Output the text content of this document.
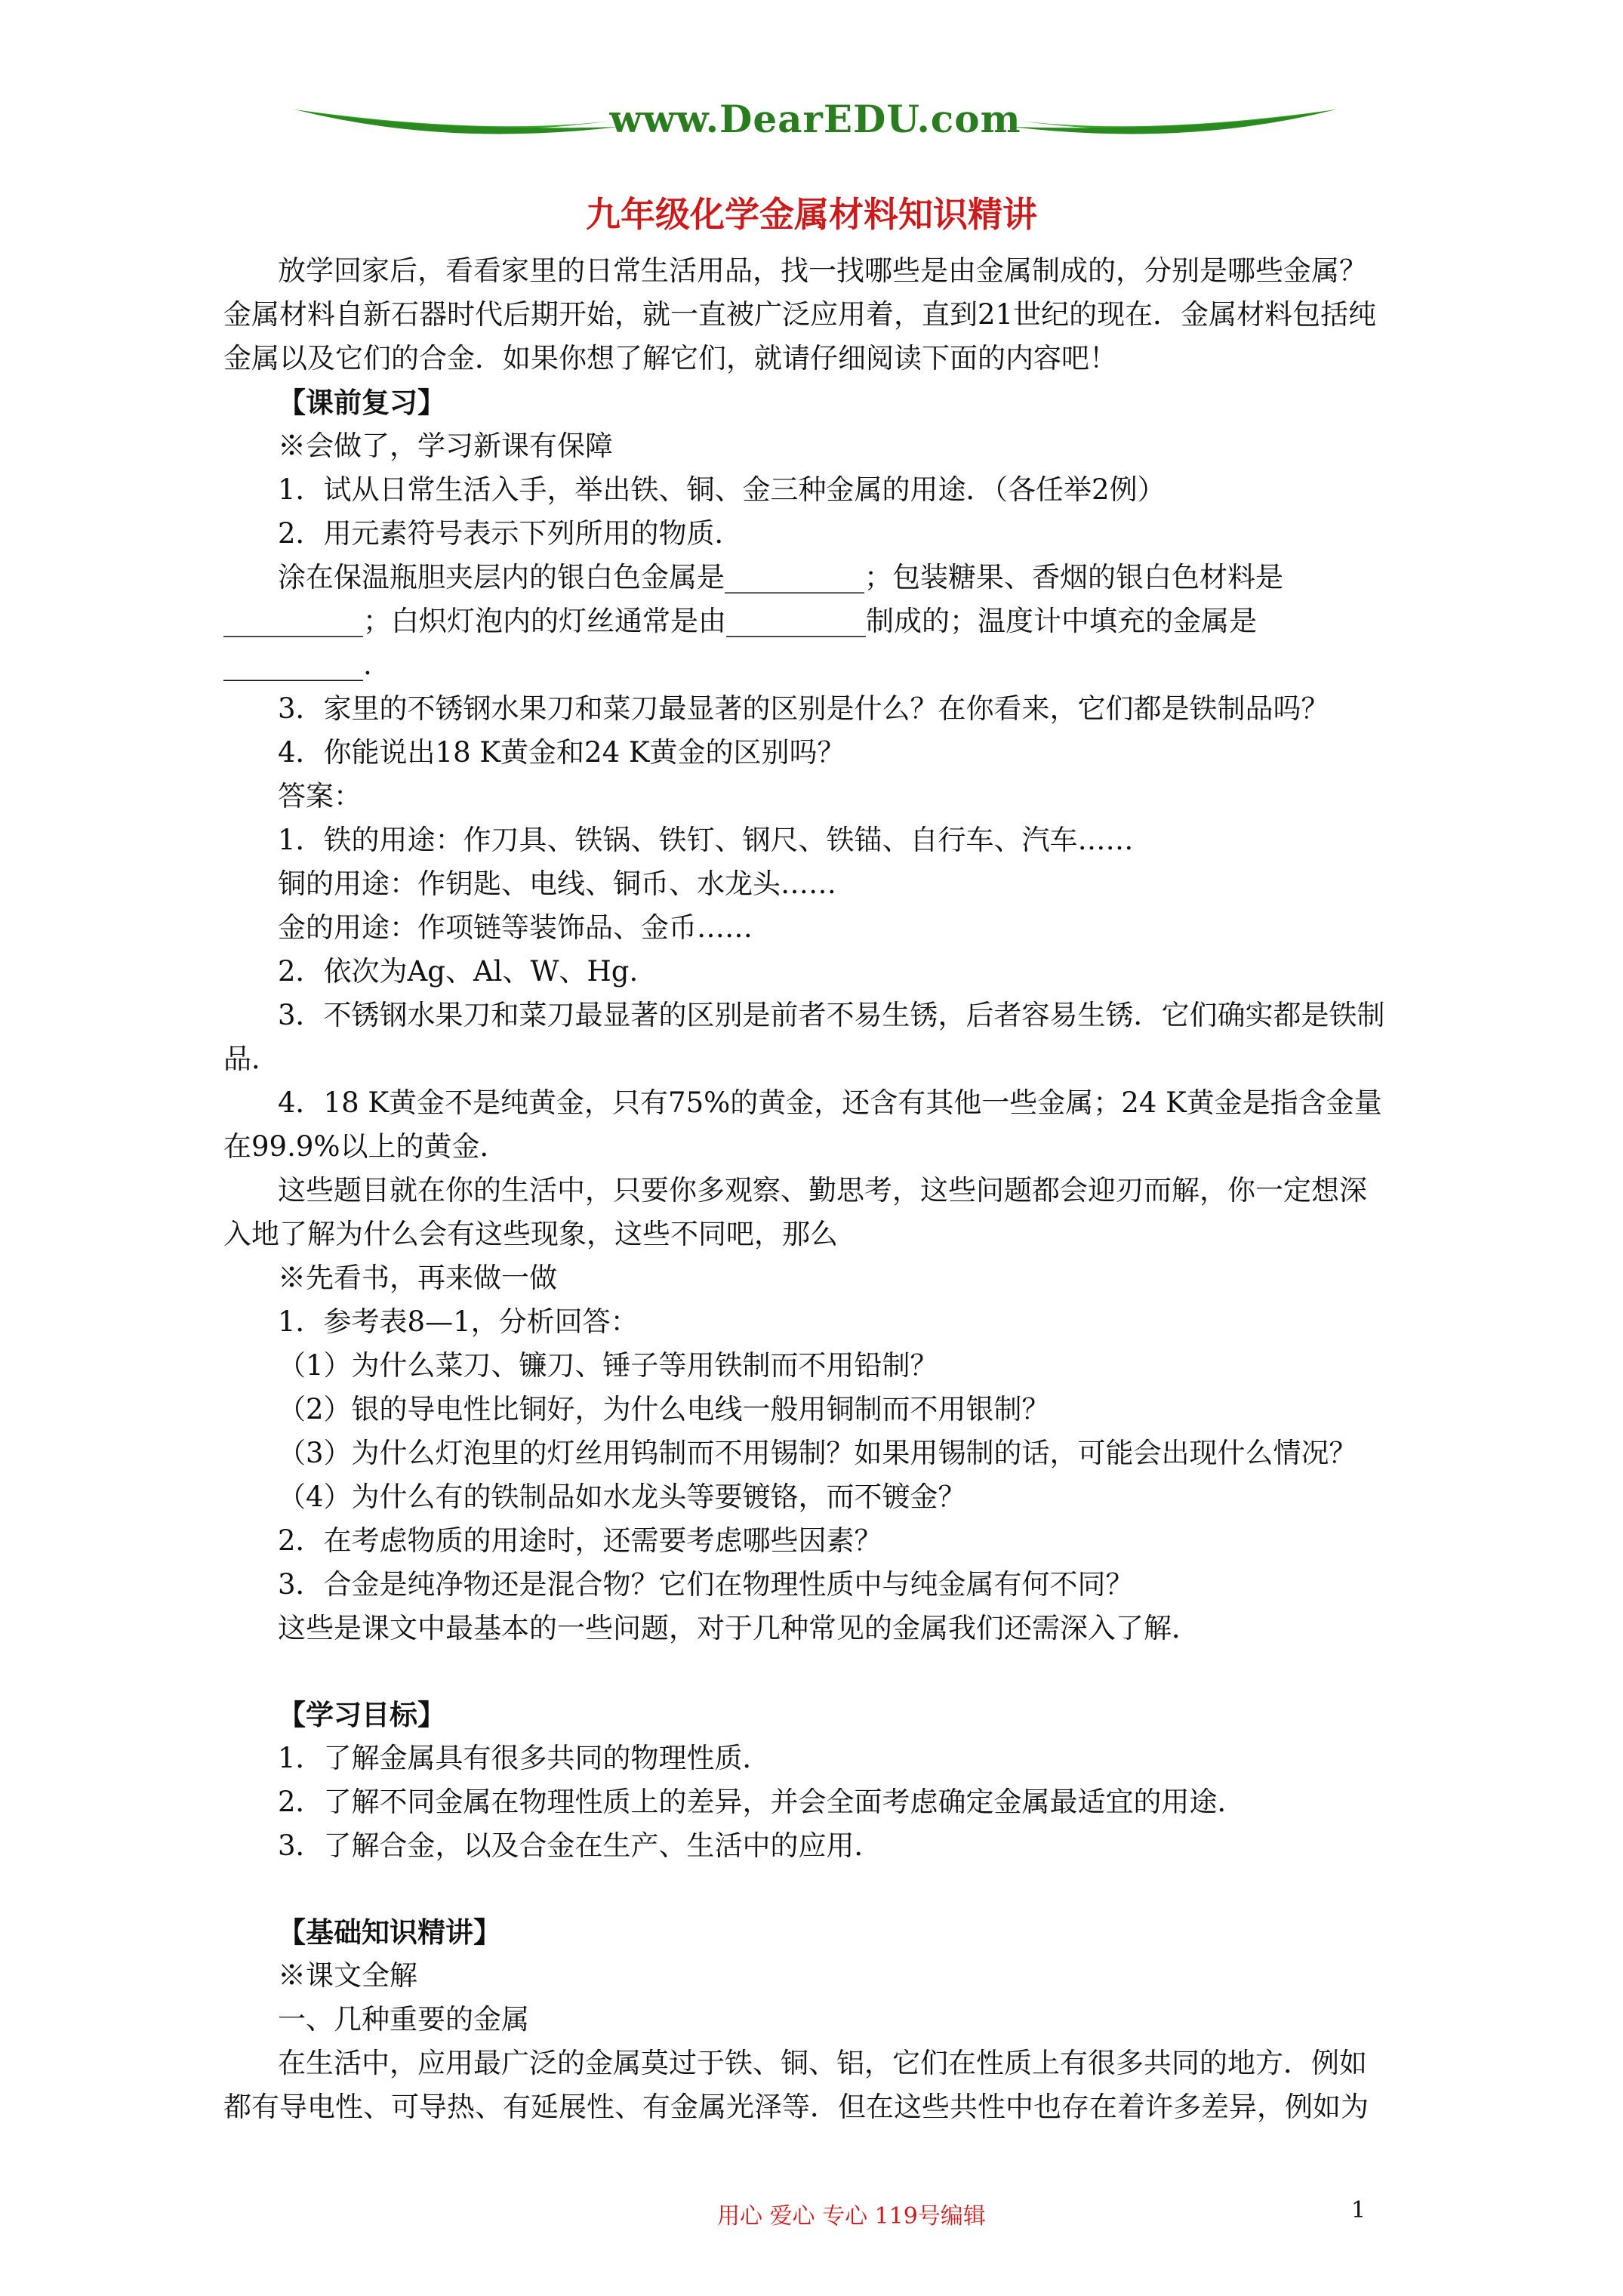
www.DearEDU.com
九年级化学金属材料知识精讲
放学回家后，看看家里的日常生活用品，找一找哪些是由金属制成的，分别是哪些金属？
金属材料自新石器时代后期开始，就一直被广泛应用着，直到21世纪的现在．金属材料包括纯
金属以及它们的合金．如果你想了解它们，就请仔细阅读下面的内容吧！
【课前复习】
※会做了，学习新课有保障
1．试从日常生活入手，举出铁、铜、金三种金属的用途．（各任举2例）
2．用元素符号表示下列所用的物质．
涂在保温瓶胆夹层内的银白色金属是__________；包装糖果、香烟的银白色材料是
__________；白炽灯泡内的灯丝通常是由__________制成的；温度计中填充的金属是
__________.
3．家里的不锈钢水果刀和菜刀最显著的区别是什么？在你看来，它们都是铁制品吗？
4．你能说出18 K黄金和24 K黄金的区别吗？
答案：
1．铁的用途：作刀具、铁锅、铁钉、钢尺、铁锚、自行车、汽车……
铜的用途：作钥匙、电线、铜币、水龙头……
金的用途：作项链等装饰品、金币……
2．依次为Ag、Al、W、Hg.
3．不锈钢水果刀和菜刀最显著的区别是前者不易生锈，后者容易生锈．它们确实都是铁制
品．
4．18 K黄金不是纯黄金，只有75%的黄金，还含有其他一些金属；24 K黄金是指含金量
在99.9%以上的黄金．
这些题目就在你的生活中，只要你多观察、勤思考，这些问题都会迎刃而解，你一定想深
入地了解为什么会有这些现象，这些不同吧，那么
※先看书，再来做一做
1．参考表8—1，分析回答：
（1）为什么菜刀、镰刀、锤子等用铁制而不用铅制？
（2）银的导电性比铜好，为什么电线一般用铜制而不用银制？
（3）为什么灯泡里的灯丝用钨制而不用锡制？如果用锡制的话，可能会出现什么情况？
（4）为什么有的铁制品如水龙头等要镀铬，而不镀金？
2．在考虑物质的用途时，还需要考虑哪些因素？
3．合金是纯净物还是混合物？它们在物理性质中与纯金属有何不同？
这些是课文中最基本的一些问题，对于几种常见的金属我们还需深入了解．
【学习目标】
1．了解金属具有很多共同的物理性质．
2．了解不同金属在物理性质上的差异，并会全面考虑确定金属最适宜的用途．
3．了解合金，以及合金在生产、生活中的应用．
【基础知识精讲】
※课文全解
一、几种重要的金属
在生活中，应用最广泛的金属莫过于铁、铜、铝，它们在性质上有很多共同的地方．例如
都有导电性、可导热、有延展性、有金属光泽等．但在这些共性中也存在着许多差异，例如为
用心 爱心 专心 119号编辑	1
